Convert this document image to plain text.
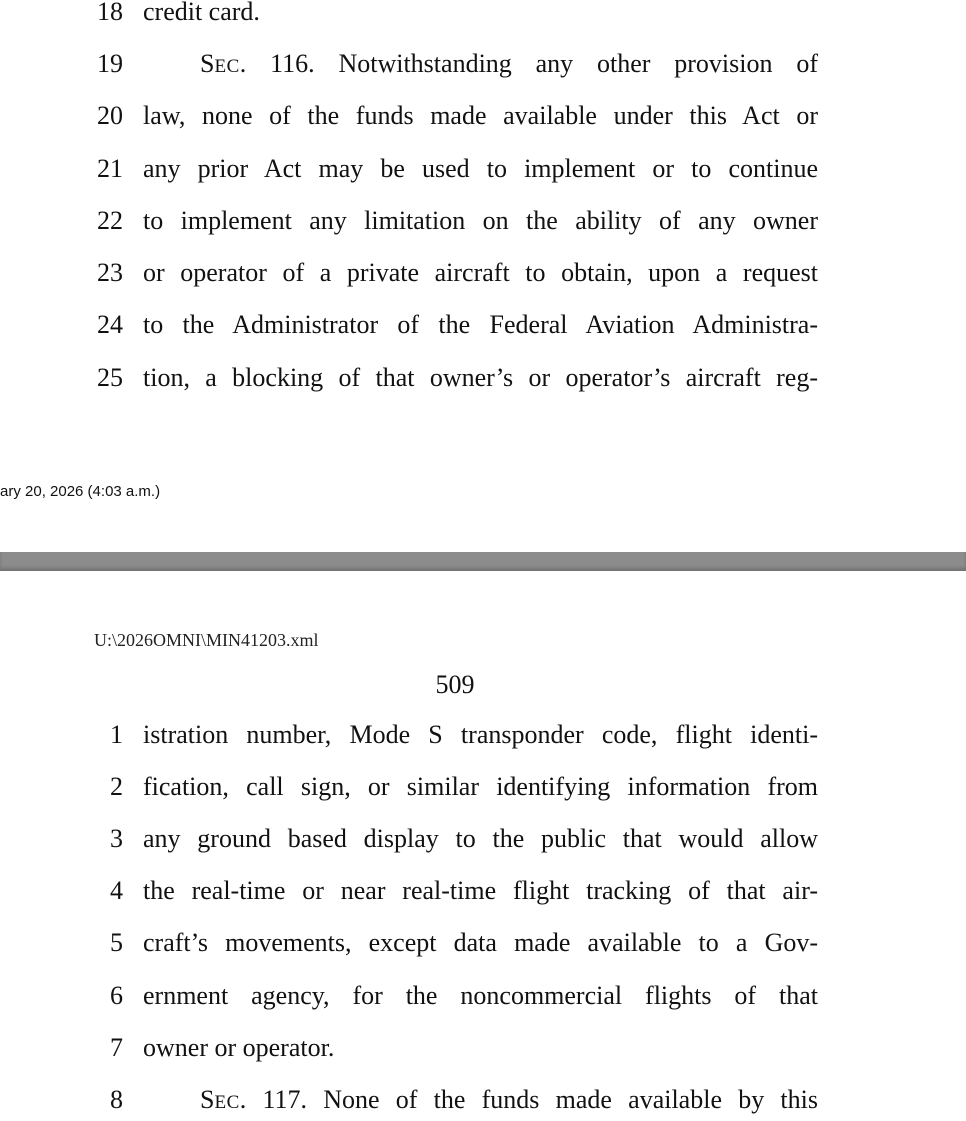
18 credit card.
19	SEC. 116. Notwithstanding any other provision of
20 law, none of the funds made available under this Act or
21 any prior Act may be used to implement or to continue
22 to implement any limitation on the ability of any owner
23 or operator of a private aircraft to obtain, upon a request
24 to the Administrator of the Federal Aviation Administra-
25 tion, a blocking of that owner’s or operator’s aircraft reg-
ary 20, 2026 (4:03 a.m.)
U:\2026OMNI\MIN41203.xml
509
1 istration number, Mode S transponder code, flight identi-
2 fication, call sign, or similar identifying information from
3 any ground based display to the public that would allow
4 the real-time or near real-time flight tracking of that air-
5 craft’s movements, except data made available to a Gov-
6 ernment agency, for the noncommercial flights of that
7 owner or operator.
8	SEC. 117. None of the funds made available by this
